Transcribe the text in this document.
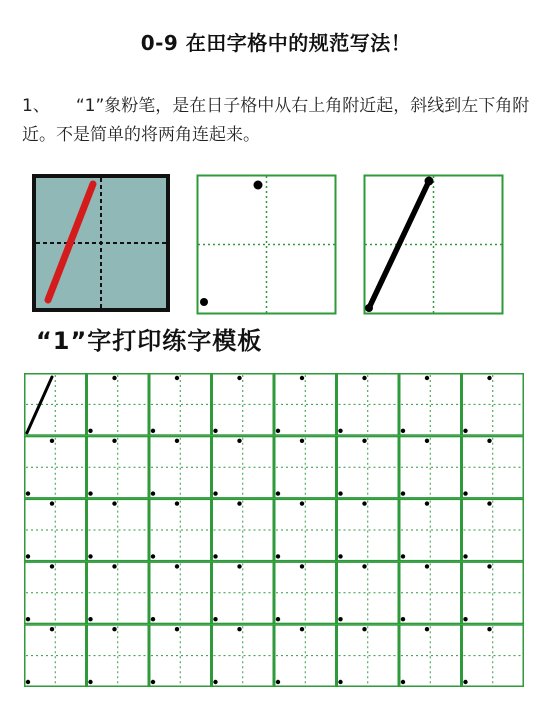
0-9 在田字格中的规范写法！
1、 “1”象粉笔，是在日子格中从右上角附近起，斜线到左下角附近。不是简单的将两角连起来。
“1”字打印练字模板
